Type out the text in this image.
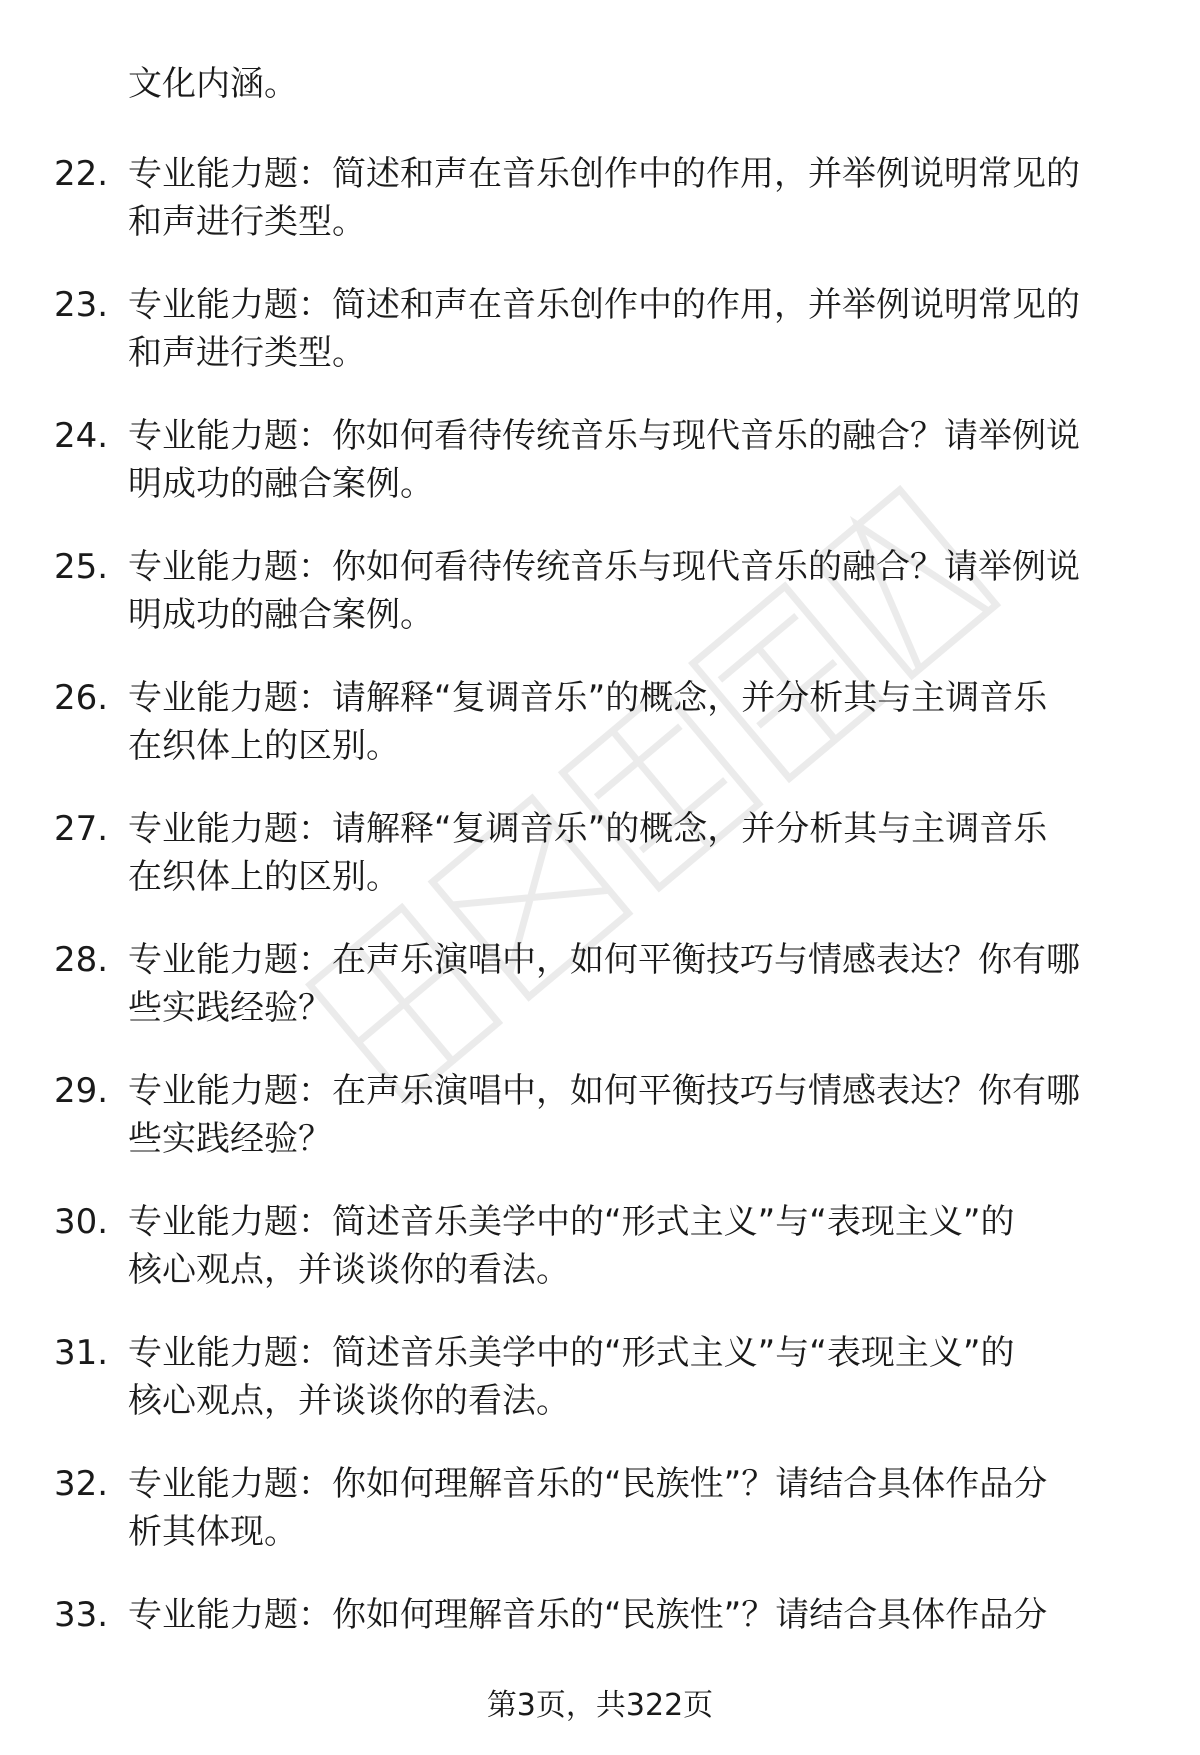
文化内涵。
22. 专业能力题：简述和声在音乐创作中的作用，并举例说明常见的
和声进行类型。
23. 专业能力题：简述和声在音乐创作中的作用，并举例说明常见的
和声进行类型。
24. 专业能力题：你如何看待传统音乐与现代音乐的融合？请举例说
明成功的融合案例。
25. 专业能力题：你如何看待传统音乐与现代音乐的融合？请举例说
明成功的融合案例。
26. 专业能力题：请解释“复调音乐”的概念，并分析其与主调音乐
在织体上的区别。
27. 专业能力题：请解释“复调音乐”的概念，并分析其与主调音乐
在织体上的区别。
28. 专业能力题：在声乐演唱中，如何平衡技巧与情感表达？你有哪
些实践经验？
29. 专业能力题：在声乐演唱中，如何平衡技巧与情感表达？你有哪
些实践经验？
30. 专业能力题：简述音乐美学中的“形式主义”与“表现主义”的
核心观点，并谈谈你的看法。
31. 专业能力题：简述音乐美学中的“形式主义”与“表现主义”的
核心观点，并谈谈你的看法。
32. 专业能力题：你如何理解音乐的“民族性”？请结合具体作品分
析其体现。
33. 专业能力题：你如何理解音乐的“民族性”？请结合具体作品分
第3页，共322页
